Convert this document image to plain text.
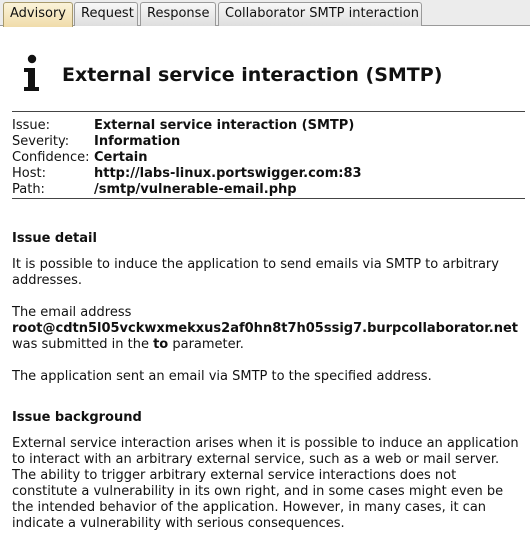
Advisory	Request	Response	Collaborator SMTP interaction
External service interaction (SMTP)
Issue:	External service interaction (SMTP)
Severity:	Information
Confidence: Certain
Host:	http://labs-linux.portswigger.com:83
Path:	/smtp/vulnerable-email.php
Issue detail
It is possible to induce the application to send emails via SMTP to arbitrary addresses.
The email address
root@cdtn5l05vckwxmekxus2af0hn8t7h05ssig7.burpcollaborator.net was submitted in the to parameter.
The application sent an email via SMTP to the specified address.
Issue background
External service interaction arises when it is possible to induce an application to interact with an arbitrary external service, such as a web or mail server. The ability to trigger arbitrary external service interactions does not constitute a vulnerability in its own right, and in some cases might even be the intended behavior of the application. However, in many cases, it can indicate a vulnerability with serious consequences.
